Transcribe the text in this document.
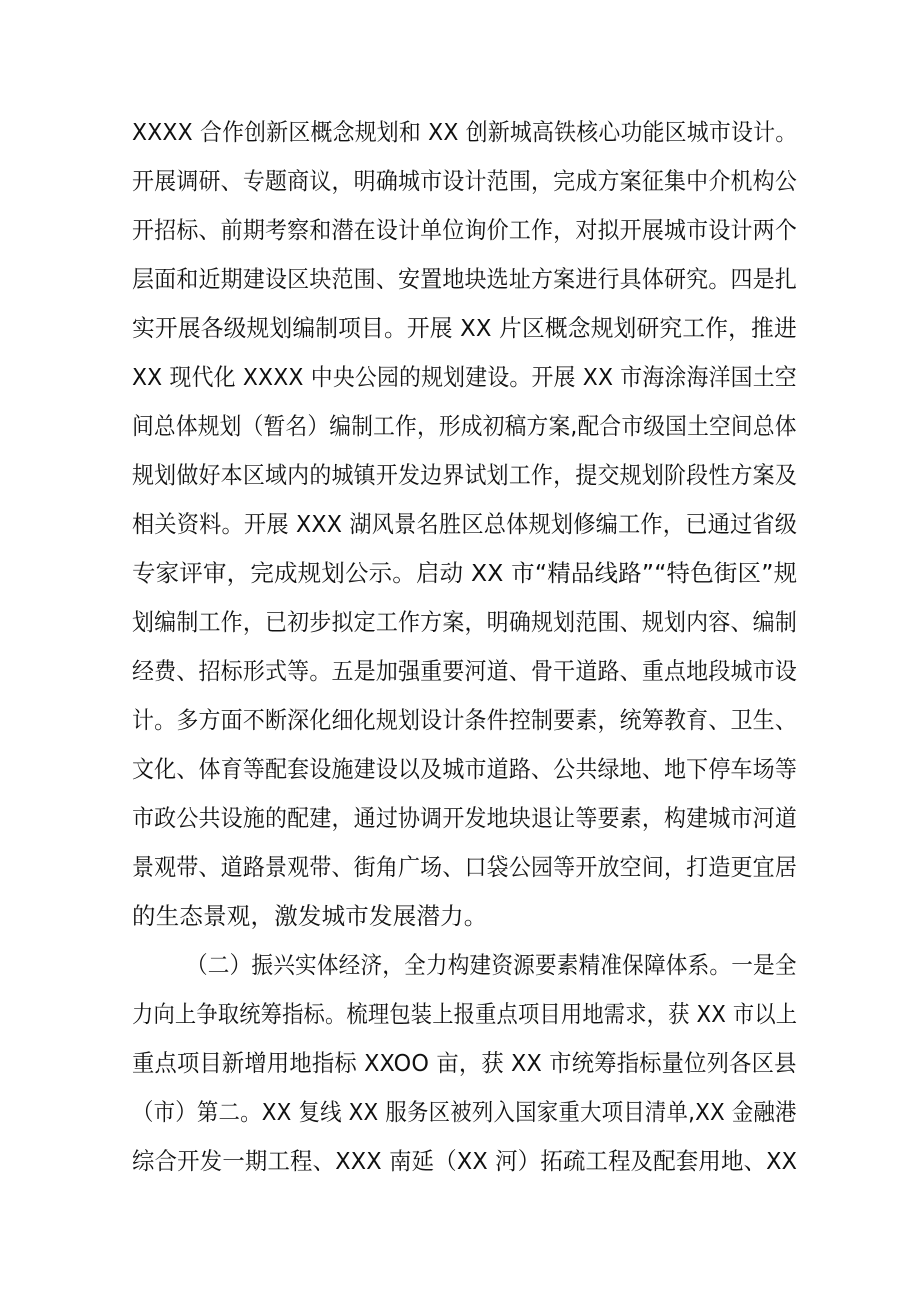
XXXX 合作创新区概念规划和 XX 创新城高铁核心功能区城市设计。
开展调研、专题商议，明确城市设计范围，完成方案征集中介机构公
开招标、前期考察和潜在设计单位询价工作，对拟开展城市设计两个
层面和近期建设区块范围、安置地块选址方案进行具体研究。四是扎
实开展各级规划编制项目。开展 XX 片区概念规划研究工作，推进
XX 现代化 XXXX 中央公园的规划建设。开展 XX 市海涂海洋国土空
间总体规划（暂名）编制工作，形成初稿方案,配合市级国土空间总体
规划做好本区域内的城镇开发边界试划工作，提交规划阶段性方案及
相关资料。开展 XXX 湖风景名胜区总体规划修编工作，已通过省级
专家评审，完成规划公示。启动 XX 市“精品线路”“特色街区”规
划编制工作，已初步拟定工作方案，明确规划范围、规划内容、编制
经费、招标形式等。五是加强重要河道、骨干道路、重点地段城市设
计。多方面不断深化细化规划设计条件控制要素，统筹教育、卫生、
文化、体育等配套设施建设以及城市道路、公共绿地、地下停车场等
市政公共设施的配建，通过协调开发地块退让等要素，构建城市河道
景观带、道路景观带、街角广场、口袋公园等开放空间，打造更宜居
的生态景观，激发城市发展潜力。
（二）振兴实体经济，全力构建资源要素精准保障体系。一是全
力向上争取统筹指标。梳理包装上报重点项目用地需求，获 XX 市以上
重点项目新增用地指标 XXOO 亩，获 XX 市统筹指标量位列各区县
（市）第二。XX 复线 XX 服务区被列入国家重大项目清单,XX 金融港
综合开发一期工程、XXX 南延（XX 河）拓疏工程及配套用地、XX
